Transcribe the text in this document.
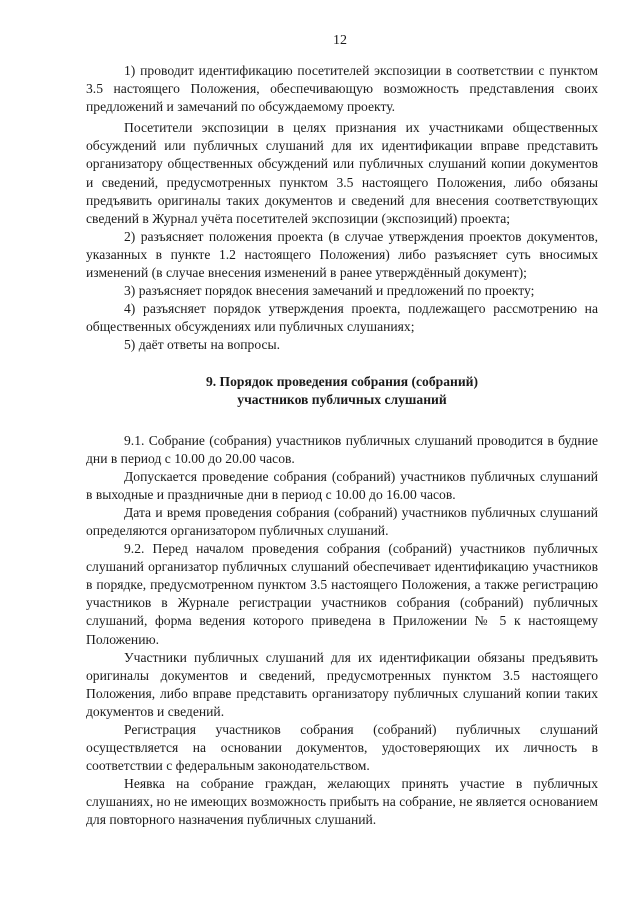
12

1) проводит идентификацию посетителей экспозиции в соответствии с пунктом 3.5 настоящего Положения, обеспечивающую возможность представления своих предложений и замечаний по обсуждаемому проекту.

Посетители экспозиции в целях признания их участниками общественных обсуждений или публичных слушаний для их идентификации вправе представить организатору общественных обсуждений или публичных слушаний копии документов и сведений, предусмотренных пунктом 3.5 настоящего Положения, либо обязаны предъявить оригиналы таких документов и сведений для внесения соответствующих сведений в Журнал учёта посетителей экспозиции (экспозиций) проекта;

2) разъясняет положения проекта (в случае утверждения проектов документов, указанных в пункте 1.2 настоящего Положения) либо разъясняет суть вносимых изменений (в случае внесения изменений в ранее утверждённый документ);

3) разъясняет порядок внесения замечаний и предложений по проекту;

4) разъясняет порядок утверждения проекта, подлежащего рассмотрению на общественных обсуждениях или публичных слушаниях;

5) даёт ответы на вопросы.

9. Порядок проведения собрания (собраний)
участников публичных слушаний

9.1. Собрание (собрания) участников публичных слушаний проводится в будние дни в период с 10.00 до 20.00 часов.

Допускается проведение собрания (собраний) участников публичных слушаний в выходные и праздничные дни в период с 10.00 до 16.00 часов.

Дата и время проведения собрания (собраний) участников публичных слушаний определяются организатором публичных слушаний.

9.2. Перед началом проведения собрания (собраний) участников публичных слушаний организатор публичных слушаний обеспечивает идентификацию участников в порядке, предусмотренном пунктом 3.5 настоящего Положения, а также регистрацию участников в Журнале регистрации участников собрания (собраний) публичных слушаний, форма ведения которого приведена в Приложении № 5 к настоящему Положению.

Участники публичных слушаний для их идентификации обязаны предъявить оригиналы документов и сведений, предусмотренных пунктом 3.5 настоящего Положения, либо вправе представить организатору публичных слушаний копии таких документов и сведений.

Регистрация участников собрания (собраний) публичных слушаний осуществляется на основании документов, удостоверяющих их личность в соответствии с федеральным законодательством.

Неявка на собрание граждан, желающих принять участие в публичных слушаниях, но не имеющих возможность прибыть на собрание, не является основанием для повторного назначения публичных слушаний.
